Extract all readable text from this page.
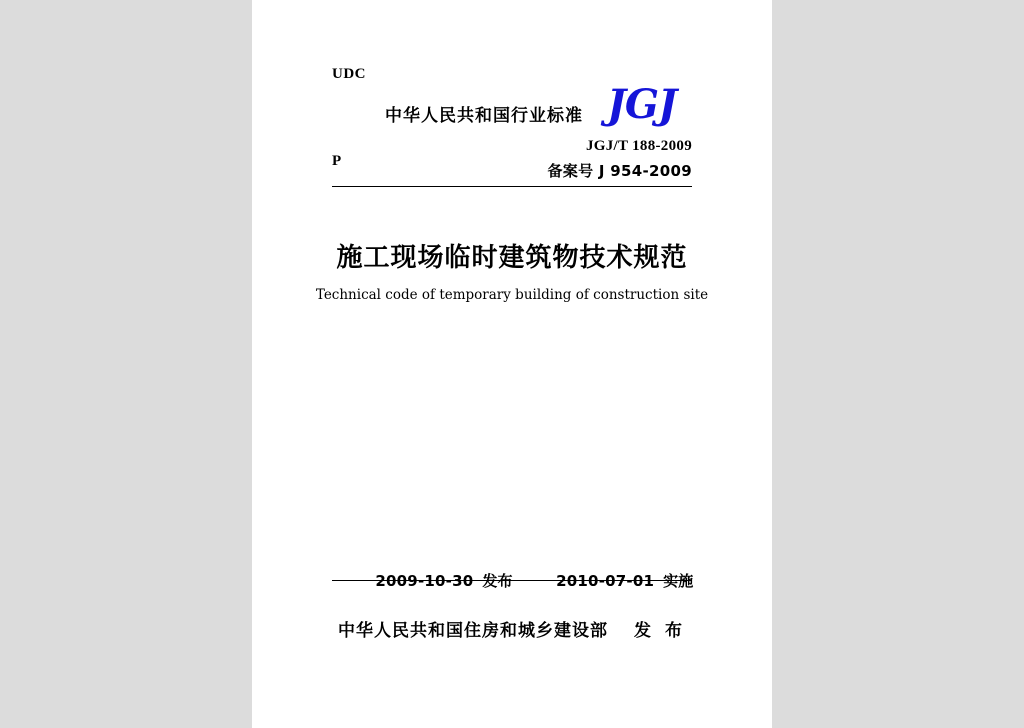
UDC
P
中华人民共和国行业标准 JGJ
JGJ/T 188-2009
备案号 J 954-2009
施工现场临时建筑物技术规范
Technical code of temporary building of construction site

2009-10-30 发布
	2010-07-01 实施

中华人民共和国住房和城乡建设部 发 布
